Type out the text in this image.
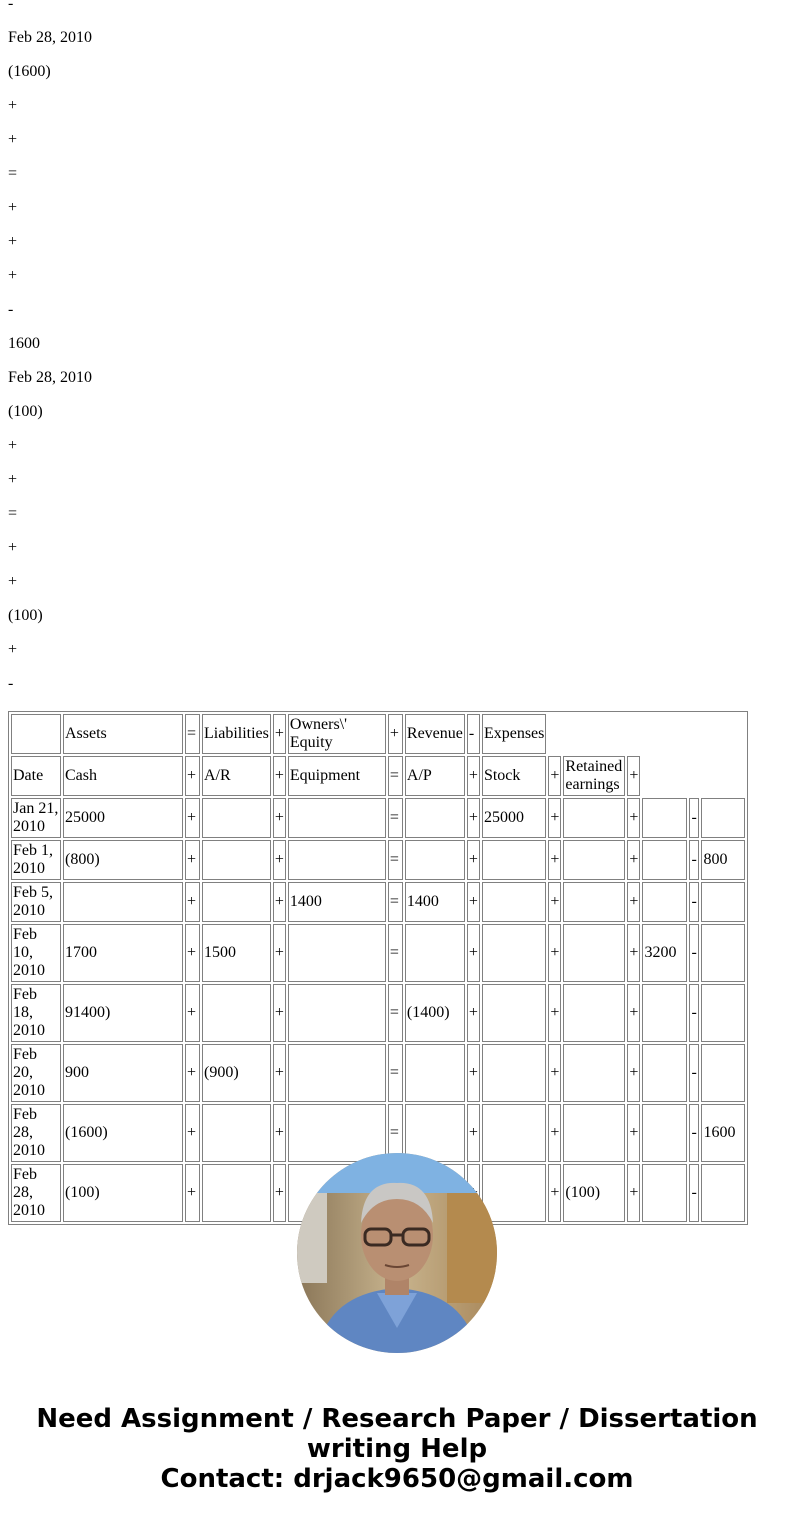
-

Feb 28, 2010

(1600)

+

+

=

+

+

+

-

1600

Feb 28, 2010

(100)

+

+

=

+

+

(100)

+

-

	Assets	=	Liabilities	+	Owners\' Equity	+	Revenue	-	Expenses						
Date	Cash	+	A/R	+	Equipment	=	A/P	+	Stock	+	Retained earnings	+			
Jan 21, 2010	25000	+		+		=		+	25000	+		+		-	
Feb 1, 2010	(800)	+		+		=		+		+		+		-	800
Feb 5, 2010		+		+	1400	=	1400	+		+		+		-	
Feb 10, 2010	1700	+	1500	+		=		+		+		+	3200	-	
Feb 18, 2010	91400)	+		+		=	(1400)	+		+		+		-	
Feb 20, 2010	900	+	(900)	+		=		+		+		+		-	
Feb 28, 2010	(1600)	+		+		=		+		+		+		-	1600
Feb 28, 2010	(100)	+		+						+	(100)	+		-	
Need Assignment / Research Paper / Dissertation
writing Help
Contact: drjack9650@gmail.com
